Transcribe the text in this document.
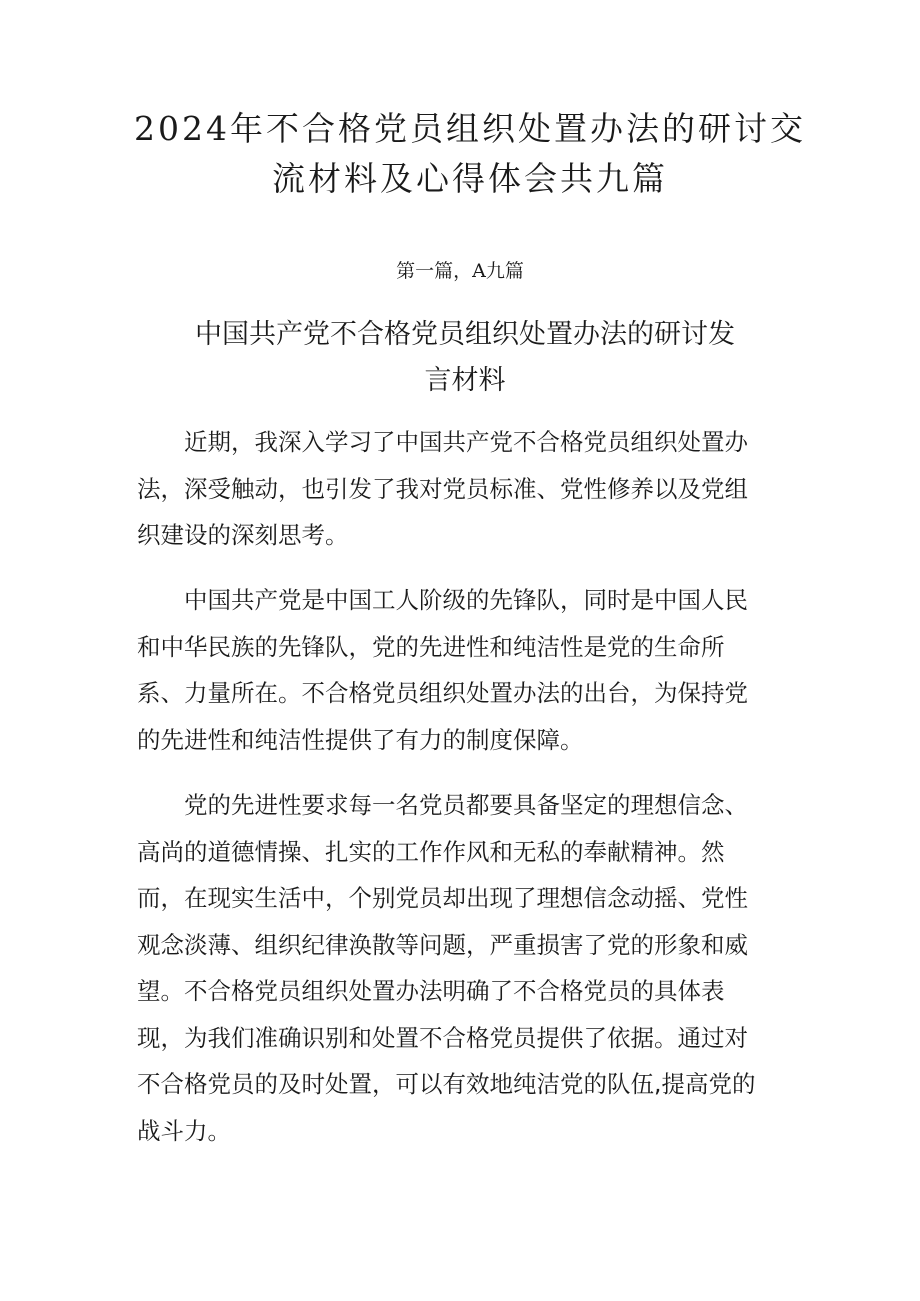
2024年不合格党员组织处置办法的研讨交
流材料及心得体会共九篇

第一篇，A九篇

中国共产党不合格党员组织处置办法的研讨发
言材料

近期，我深入学习了中国共产党不合格党员组织处置办
法，深受触动，也引发了我对党员标准、党性修养以及党组
织建设的深刻思考。

中国共产党是中国工人阶级的先锋队，同时是中国人民
和中华民族的先锋队，党的先进性和纯洁性是党的生命所
系、力量所在。不合格党员组织处置办法的出台，为保持党
的先进性和纯洁性提供了有力的制度保障。

党的先进性要求每一名党员都要具备坚定的理想信念、
高尚的道德情操、扎实的工作作风和无私的奉献精神。然
而，在现实生活中，个别党员却出现了理想信念动摇、党性
观念淡薄、组织纪律涣散等问题，严重损害了党的形象和威
望。不合格党员组织处置办法明确了不合格党员的具体表
现，为我们准确识别和处置不合格党员提供了依据。通过对
不合格党员的及时处置，可以有效地纯洁党的队伍,提高党的
战斗力。
